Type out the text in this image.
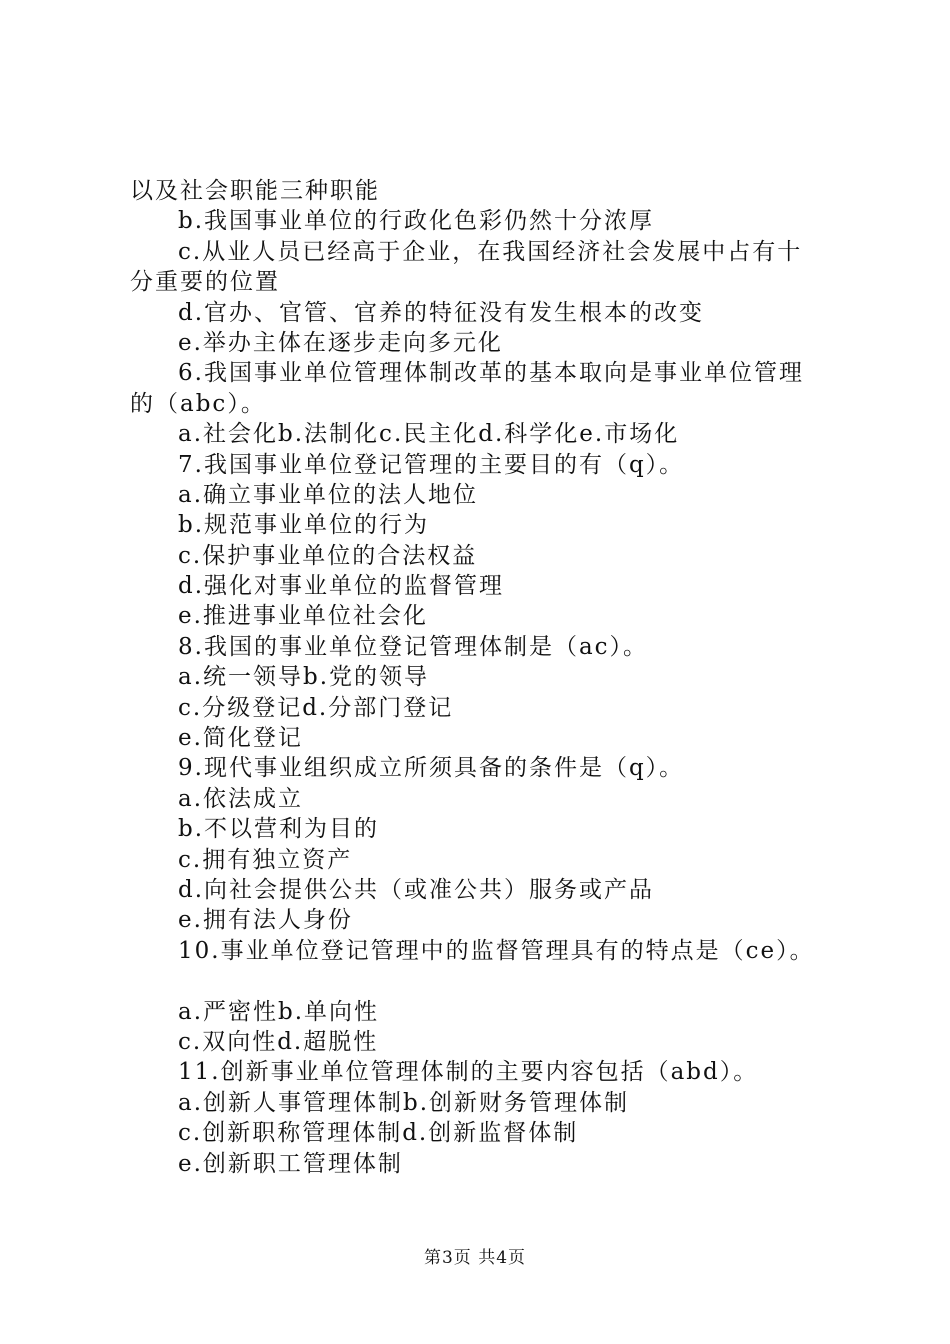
以及社会职能三种职能
b.我国事业单位的行政化色彩仍然十分浓厚
c.从业人员已经高于企业，在我国经济社会发展中占有十
分重要的位置
d.官办、官管、官养的特征没有发生根本的改变
e.举办主体在逐步走向多元化
6.我国事业单位管理体制改革的基本取向是事业单位管理
的（abc）。
a.社会化b.法制化c.民主化d.科学化e.市场化
7.我国事业单位登记管理的主要目的有（q）。
a.确立事业单位的法人地位
b.规范事业单位的行为
c.保护事业单位的合法权益
d.强化对事业单位的监督管理
e.推进事业单位社会化
8.我国的事业单位登记管理体制是（ac）。
a.统一领导b.党的领导
c.分级登记d.分部门登记
e.简化登记
9.现代事业组织成立所须具备的条件是（q）。
a.依法成立
b.不以营利为目的
c.拥有独立资产
d.向社会提供公共（或准公共）服务或产品
e.拥有法人身份
10.事业单位登记管理中的监督管理具有的特点是（ce）。
a.严密性b.单向性
c.双向性d.超脱性
11.创新事业单位管理体制的主要内容包括（abd）。
a.创新人事管理体制b.创新财务管理体制
c.创新职称管理体制d.创新监督体制
e.创新职工管理体制
第3页 共4页
